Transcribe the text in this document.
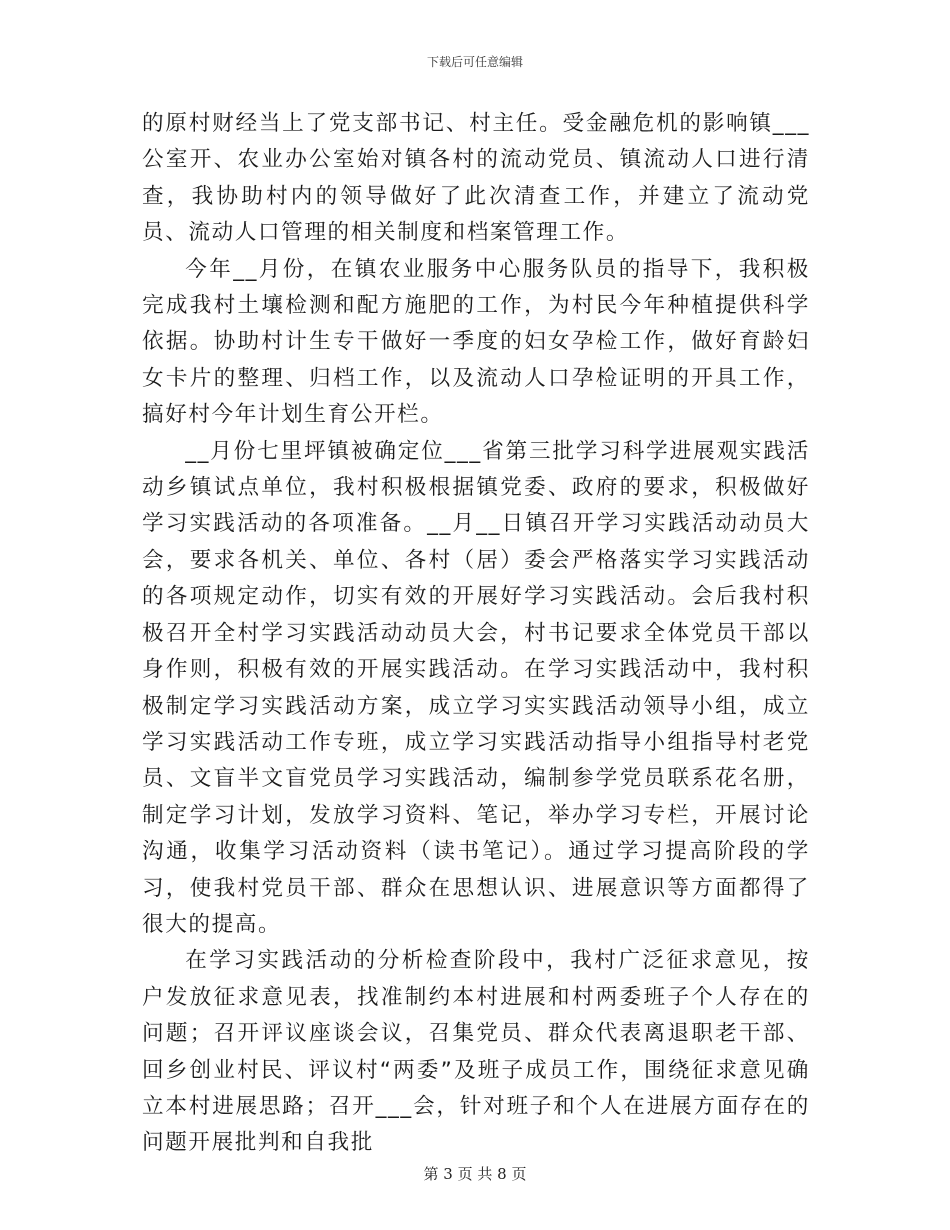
下载后可任意编辑

的原村财经当上了党支部书记、村主任。受金融危机的影响镇___公室开、农业办公室始对镇各村的流动党员、镇流动人口进行清查，我协助村内的领导做好了此次清查工作，并建立了流动党员、流动人口管理的相关制度和档案管理工作。

今年__月份，在镇农业服务中心服务队员的指导下，我积极完成我村土壤检测和配方施肥的工作，为村民今年种植提供科学依据。协助村计生专干做好一季度的妇女孕检工作，做好育龄妇女卡片的整理、归档工作，以及流动人口孕检证明的开具工作，搞好村今年计划生育公开栏。

__月份七里坪镇被确定位___省第三批学习科学进展观实践活动乡镇试点单位，我村积极根据镇党委、政府的要求，积极做好学习实践活动的各项准备。__月__日镇召开学习实践活动动员大会，要求各机关、单位、各村（居）委会严格落实学习实践活动的各项规定动作，切实有效的开展好学习实践活动。会后我村积极召开全村学习实践活动动员大会，村书记要求全体党员干部以身作则，积极有效的开展实践活动。在学习实践活动中，我村积极制定学习实践活动方案，成立学习实实践活动领导小组，成立学习实践活动工作专班，成立学习实践活动指导小组指导村老党员、文盲半文盲党员学习实践活动，编制参学党员联系花名册，制定学习计划，发放学习资料、笔记，举办学习专栏，开展讨论沟通，收集学习活动资料（读书笔记）。通过学习提高阶段的学习，使我村党员干部、群众在思想认识、进展意识等方面都得了很大的提高。

在学习实践活动的分析检查阶段中，我村广泛征求意见，按户发放征求意见表，找准制约本村进展和村两委班子个人存在的问题；召开评议座谈会议，召集党员、群众代表离退职老干部、回乡创业村民、评议村“两委”及班子成员工作，围绕征求意见确立本村进展思路；召开___会，针对班子和个人在进展方面存在的问题开展批判和自我批

第 3 页 共 8 页
